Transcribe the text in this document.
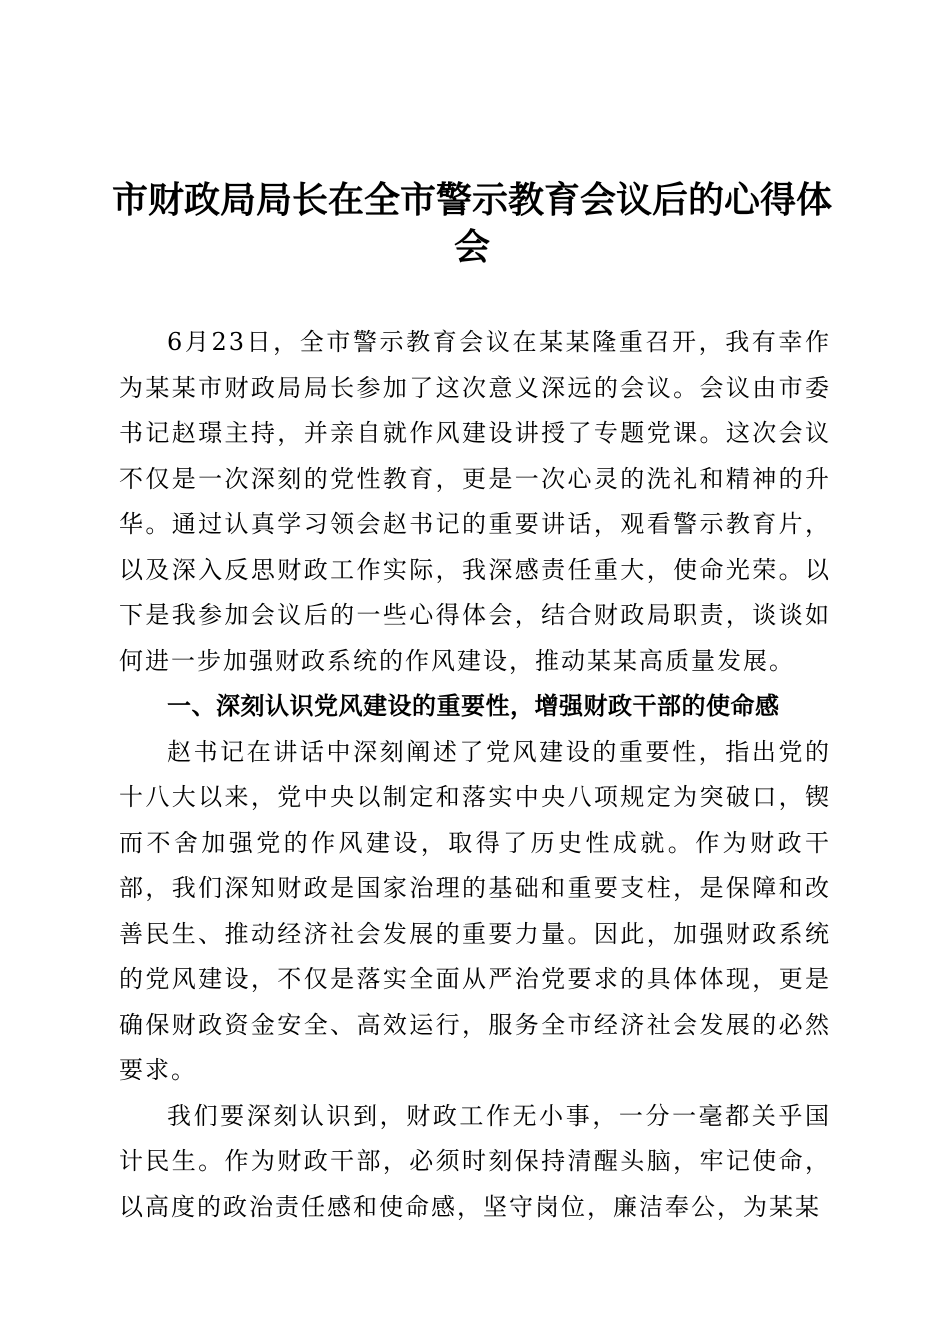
市财政局局长在全市警示教育会议后的心得体会

6月23日，全市警示教育会议在某某隆重召开，我有幸作为某某市财政局局长参加了这次意义深远的会议。会议由市委书记赵璟主持，并亲自就作风建设讲授了专题党课。这次会议不仅是一次深刻的党性教育，更是一次心灵的洗礼和精神的升华。通过认真学习领会赵书记的重要讲话，观看警示教育片，以及深入反思财政工作实际，我深感责任重大，使命光荣。以下是我参加会议后的一些心得体会，结合财政局职责，谈谈如何进一步加强财政系统的作风建设，推动某某高质量发展。

一、深刻认识党风建设的重要性，增强财政干部的使命感

赵书记在讲话中深刻阐述了党风建设的重要性，指出党的十八大以来，党中央以制定和落实中央八项规定为突破口，锲而不舍加强党的作风建设，取得了历史性成就。作为财政干部，我们深知财政是国家治理的基础和重要支柱，是保障和改善民生、推动经济社会发展的重要力量。因此，加强财政系统的党风建设，不仅是落实全面从严治党要求的具体体现，更是确保财政资金安全、高效运行，服务全市经济社会发展的必然要求。

我们要深刻认识到，财政工作无小事，一分一毫都关乎国计民生。作为财政干部，必须时刻保持清醒头脑，牢记使命，以高度的政治责任感和使命感，坚守岗位，廉洁奉公，为某某
